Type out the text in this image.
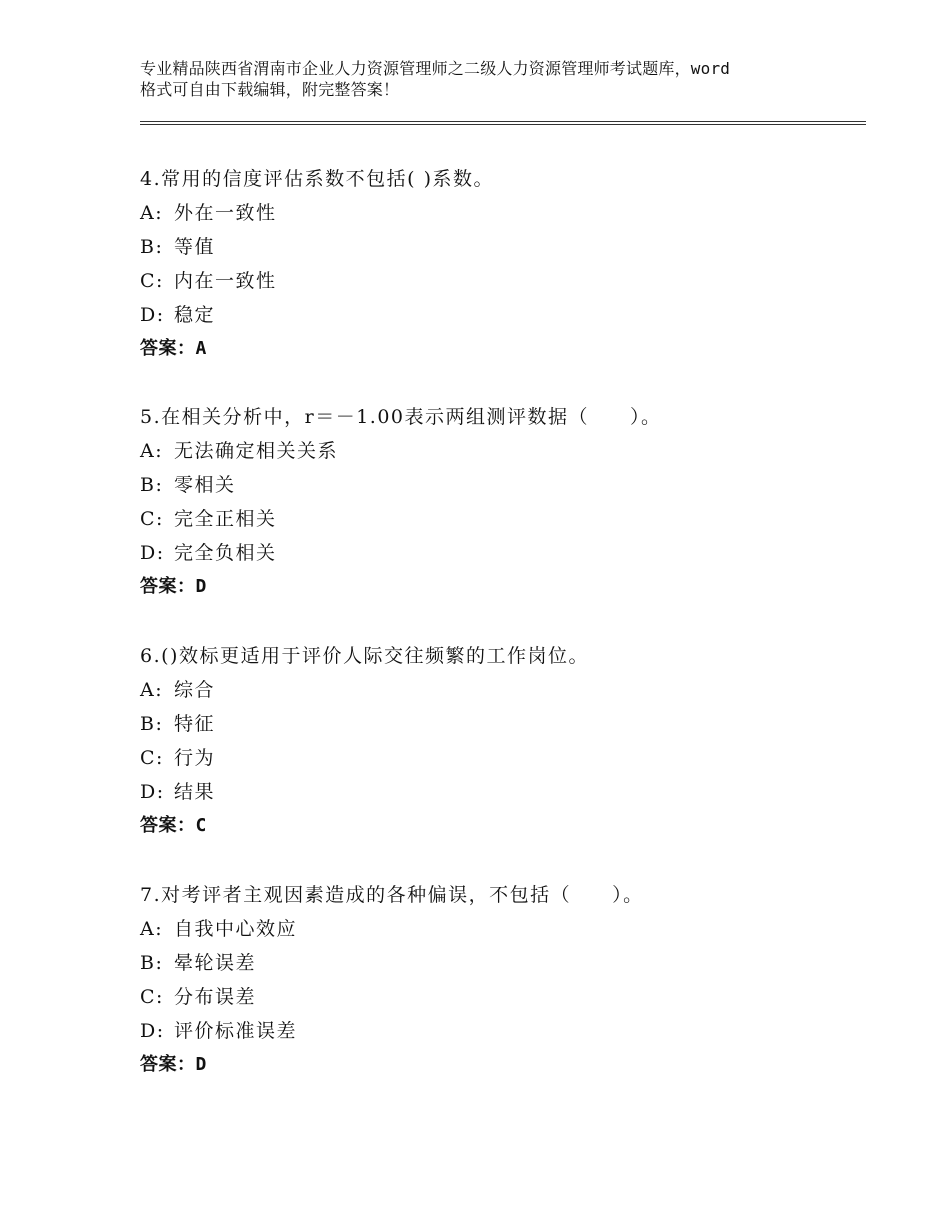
专业精品陕西省渭南市企业人力资源管理师之二级人力资源管理师考试题库，word
格式可自由下载编辑，附完整答案！
4.常用的信度评估系数不包括( )系数。
A: 外在一致性
B: 等值
C: 内在一致性
D: 稳定
答案：A
5.在相关分析中，r＝－1.00表示两组测评数据（　　）。
A: 无法确定相关关系
B: 零相关
C: 完全正相关
D: 完全负相关
答案：D
6.()效标更适用于评价人际交往频繁的工作岗位。
A: 综合
B: 特征
C: 行为
D: 结果
答案：C
7.对考评者主观因素造成的各种偏误，不包括（　　）。
A: 自我中心效应
B: 晕轮误差
C: 分布误差
D: 评价标准误差
答案：D
